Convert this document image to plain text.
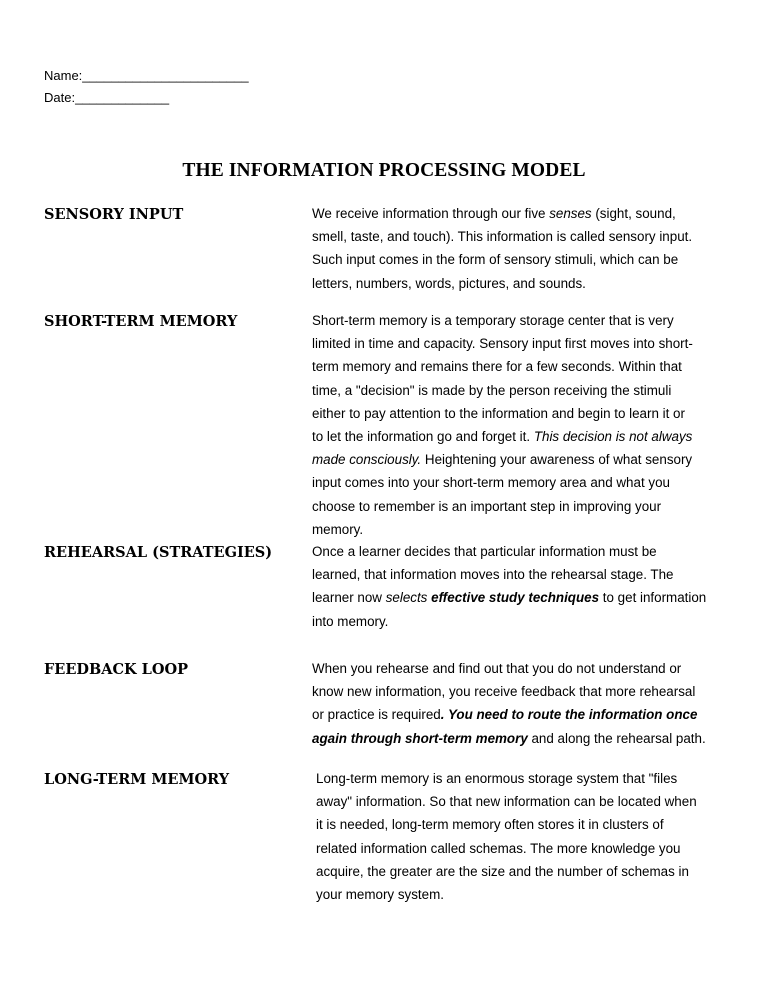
Name:_______________________
Date:_____________
THE INFORMATION PROCESSING MODEL
SENSORY INPUT	We receive information through our five senses (sight, sound,
smell, taste, and touch). This information is called sensory input.
Such input comes in the form of sensory stimuli, which can be
letters, numbers, words, pictures, and sounds.
SHORT-TERM MEMORY	Short-term memory is a temporary storage center that is very
limited in time and capacity. Sensory input first moves into short-
term memory and remains there for a few seconds. Within that
time, a "decision" is made by the person receiving the stimuli
either to pay attention to the information and begin to learn it or
to let the information go and forget it. This decision is not always
made consciously. Heightening your awareness of what sensory
input comes into your short-term memory area and what you
choose to remember is an important step in improving your
memory.
REHEARSAL (STRATEGIES)	Once a learner decides that particular information must be
learned, that information moves into the rehearsal stage. The
learner now selects effective study techniques to get information
into memory.
FEEDBACK LOOP	When you rehearse and find out that you do not understand or
know new information, you receive feedback that more rehearsal
or practice is required. You need to route the information once
again through short-term memory and along the rehearsal path.
LONG-TERM MEMORY	Long-term memory is an enormous storage system that "files
away" information. So that new information can be located when
it is needed, long-term memory often stores it in clusters of
related information called schemas. The more knowledge you
acquire, the greater are the size and the number of schemas in
your memory system.
